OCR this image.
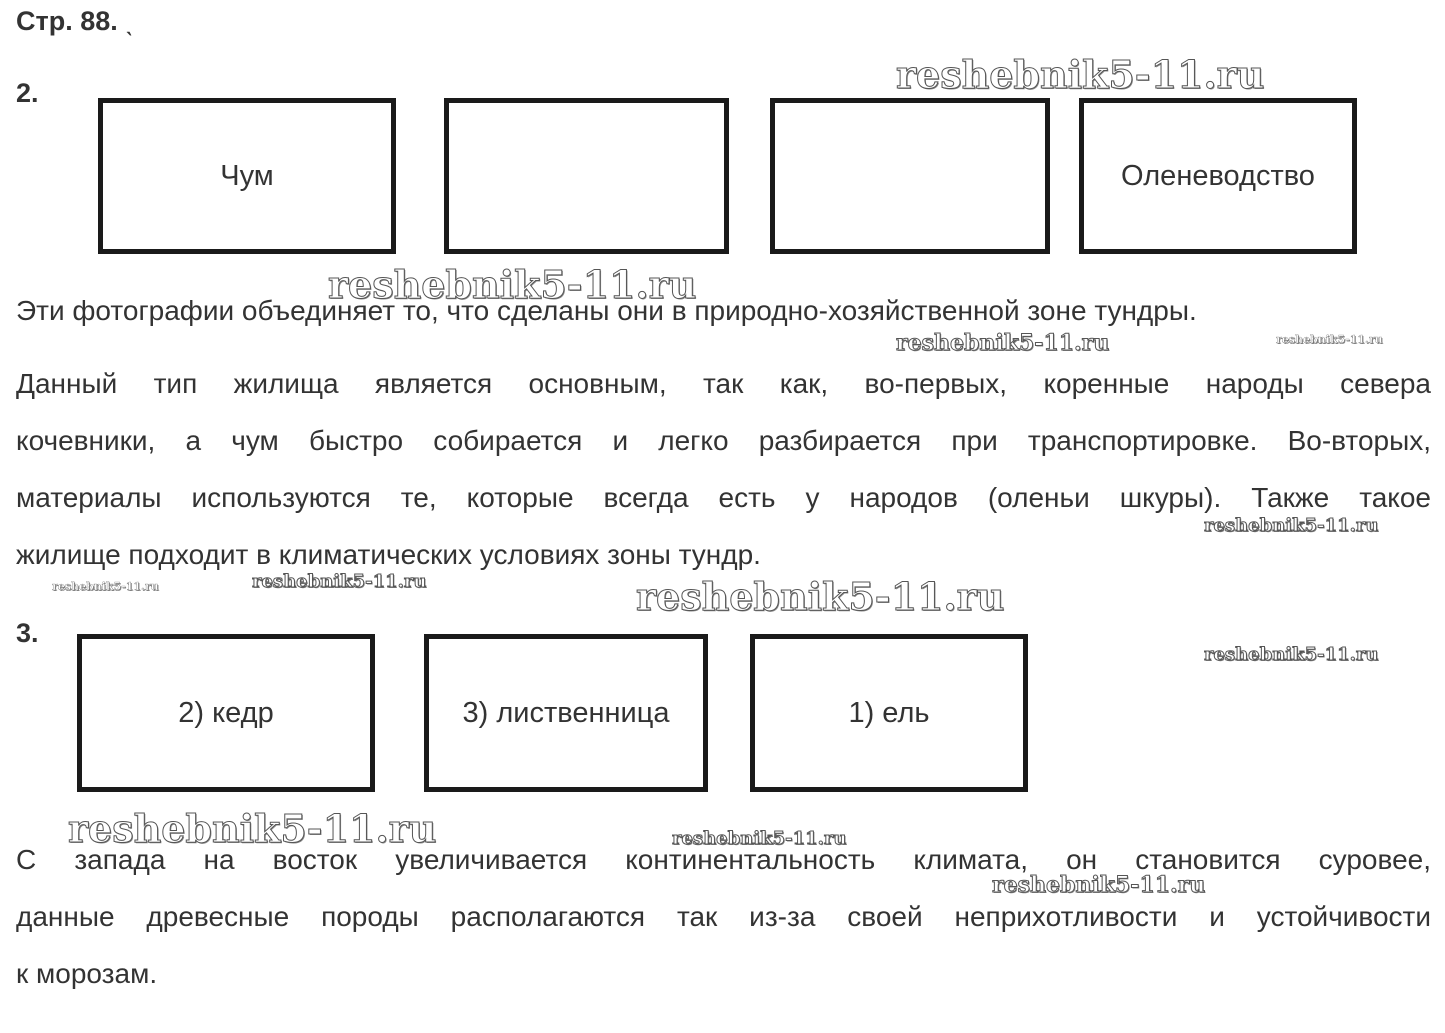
Стр. 88. ˎ
2.
Чум	Оленеводство
Эти фотографии объединяет то, что сделаны они в природно-хозяйственной зоне тундры.
Данный тип жилища является основным, так как, во-первых, коренные народы севера
кочевники, а чум быстро собирается и легко разбирается при транспортировке. Во-вторых,
материалы используются те, которые всегда есть у народов (оленьи шкуры). Также такое
жилище подходит в климатических условиях зоны тундр.
3.
2) кедр	3) лиственница	1) ель
С запада на восток увеличивается континентальность климата, он становится суровее,
данные древесные породы располагаются так из-за своей неприхотливости и устойчивости
к морозам.
reshebnik5-11.ru
reshebnik5-11.ru
reshebnik5-11.ru	reshebnik5-11.ru
reshebnik5-11.ru
reshebnik5-11.ru	reshebnik5-11.ru	reshebnik5-11.ru
reshebnik5-11.ru
reshebnik5-11.ru	reshebnik5-11.ru
reshebnik5-11.ru
